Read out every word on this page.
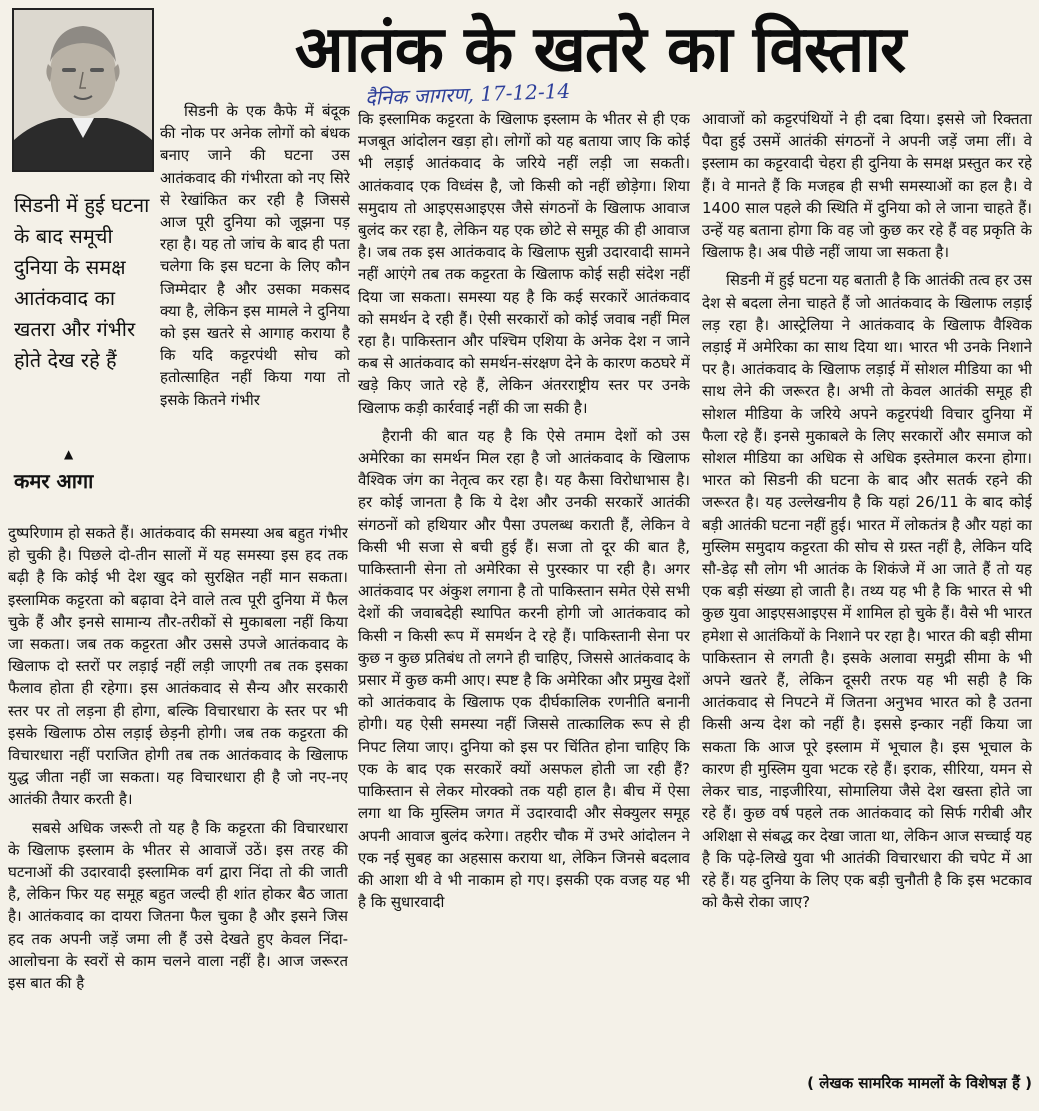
आतंक के खतरे का विस्तार
दैनिक जागरण, 17-12-14
सिडनी में हुई घटना के बाद समूची दुनिया के समक्ष आतंकवाद का खतरा और गंभीर होते देख रहे हैं
▲
कमर आगा

सिडनी के एक कैफे में बंदूक की नोक पर अनेक लोगों को बंधक बनाए जाने की घटना उस आतंकवाद की गंभीरता को नए सिरे से रेखांकित कर रही है जिससे आज पूरी दुनिया को जूझना पड़ रहा है। यह तो जांच के बाद ही पता चलेगा कि इस घटना के लिए कौन जिम्मेदार है और उसका मकसद क्या है, लेकिन इस मामले ने दुनिया को इस खतरे से आगाह कराया है कि यदि कट्टरपंथी सोच को हतोत्साहित नहीं किया गया तो इसके कितने गंभीर

दुष्परिणाम हो सकते हैं। आतंकवाद की समस्या अब बहुत गंभीर हो चुकी है। पिछले दो-तीन सालों में यह समस्या इस हद तक बढ़ी है कि कोई भी देश खुद को सुरक्षित नहीं मान सकता। इस्लामिक कट्टरता को बढ़ावा देने वाले तत्व पूरी दुनिया में फैल चुके हैं और इनसे सामान्य तौर-तरीकों से मुकाबला नहीं किया जा सकता। जब तक कट्टरता और उससे उपजे आतंकवाद के खिलाफ दो स्तरों पर लड़ाई नहीं लड़ी जाएगी तब तक इसका फैलाव होता ही रहेगा। इस आतंकवाद से सैन्य और सरकारी स्तर पर तो लड़ना ही होगा, बल्कि विचारधारा के स्तर पर भी इसके खिलाफ ठोस लड़ाई छेड़नी होगी। जब तक कट्टरता की विचारधारा नहीं पराजित होगी तब तक आतंकवाद के खिलाफ युद्ध जीता नहीं जा सकता। यह विचारधारा ही है जो नए-नए आतंकी तैयार करती है।

सबसे अधिक जरूरी तो यह है कि कट्टरता की विचारधारा के खिलाफ इस्लाम के भीतर से आवाजें उठें। इस तरह की घटनाओं की उदारवादी इस्लामिक वर्ग द्वारा निंदा तो की जाती है, लेकिन फिर यह समूह बहुत जल्दी ही शांत होकर बैठ जाता है। आतंकवाद का दायरा जितना फैल चुका है और इसने जिस हद तक अपनी जड़ें जमा ली हैं उसे देखते हुए केवल निंदा-आलोचना के स्वरों से काम चलने वाला नहीं है। आज जरूरत इस बात की है

कि इस्लामिक कट्टरता के खिलाफ इस्लाम के भीतर से ही एक मजबूत आंदोलन खड़ा हो। लोगों को यह बताया जाए कि कोई भी लड़ाई आतंकवाद के जरिये नहीं लड़ी जा सकती। आतंकवाद एक विध्वंस है, जो किसी को नहीं छोड़ेगा। शिया समुदाय तो आइएसआइएस जैसे संगठनों के खिलाफ आवाज बुलंद कर रहा है, लेकिन यह एक छोटे से समूह की ही आवाज है। जब तक इस आतंकवाद के खिलाफ सुन्नी उदारवादी सामने नहीं आएंगे तब तक कट्टरता के खिलाफ कोई सही संदेश नहीं दिया जा सकता। समस्या यह है कि कई सरकारें आतंकवाद को समर्थन दे रही हैं। ऐसी सरकारों को कोई जवाब नहीं मिल रहा है। पाकिस्तान और पश्चिम एशिया के अनेक देश न जाने कब से आतंकवाद को समर्थन-संरक्षण देने के कारण कठघरे में खड़े किए जाते रहे हैं, लेकिन अंतरराष्ट्रीय स्तर पर उनके खिलाफ कड़ी कार्रवाई नहीं की जा सकी है।

हैरानी की बात यह है कि ऐसे तमाम देशों को उस अमेरिका का समर्थन मिल रहा है जो आतंकवाद के खिलाफ वैश्विक जंग का नेतृत्व कर रहा है। यह कैसा विरोधाभास है। हर कोई जानता है कि ये देश और उनकी सरकारें आतंकी संगठनों को हथियार और पैसा उपलब्ध कराती हैं, लेकिन वे किसी भी सजा से बची हुई हैं। सजा तो दूर की बात है, पाकिस्तानी सेना तो अमेरिका से पुरस्कार पा रही है। अगर आतंकवाद पर अंकुश लगाना है तो पाकिस्तान समेत ऐसे सभी देशों की जवाबदेही स्थापित करनी होगी जो आतंकवाद को किसी न किसी रूप में समर्थन दे रहे हैं। पाकिस्तानी सेना पर कुछ न कुछ प्रतिबंध तो लगने ही चाहिए, जिससे आतंकवाद के प्रसार में कुछ कमी आए। स्पष्ट है कि अमेरिका और प्रमुख देशों को आतंकवाद के खिलाफ एक दीर्घकालिक रणनीति बनानी होगी। यह ऐसी समस्या नहीं जिससे तात्कालिक रूप से ही निपट लिया जाए। दुनिया को इस पर चिंतित होना चाहिए कि एक के बाद एक सरकारें क्यों असफल होती जा रही हैं? पाकिस्तान से लेकर मोरक्को तक यही हाल है। बीच में ऐसा लगा था कि मुस्लिम जगत में उदारवादी और सेक्युलर समूह अपनी आवाज बुलंद करेगा। तहरीर चौक में उभरे आंदोलन ने एक नई सुबह का अहसास कराया था, लेकिन जिनसे बदलाव की आशा थी वे भी नाकाम हो गए। इसकी एक वजह यह भी है कि सुधारवादी

आवाजों को कट्टरपंथियों ने ही दबा दिया। इससे जो रिक्तता पैदा हुई उसमें आतंकी संगठनों ने अपनी जड़ें जमा लीं। वे इस्लाम का कट्टरवादी चेहरा ही दुनिया के समक्ष प्रस्तुत कर रहे हैं। वे मानते हैं कि मजहब ही सभी समस्याओं का हल है। वे 1400 साल पहले की स्थिति में दुनिया को ले जाना चाहते हैं। उन्हें यह बताना होगा कि वह जो कुछ कर रहे हैं वह प्रकृति के खिलाफ है। अब पीछे नहीं जाया जा सकता है।

सिडनी में हुई घटना यह बताती है कि आतंकी तत्व हर उस देश से बदला लेना चाहते हैं जो आतंकवाद के खिलाफ लड़ाई लड़ रहा है। आस्ट्रेलिया ने आतंकवाद के खिलाफ वैश्विक लड़ाई में अमेरिका का साथ दिया था। भारत भी उनके निशाने पर है। आतंकवाद के खिलाफ लड़ाई में सोशल मीडिया का भी साथ लेने की जरूरत है। अभी तो केवल आतंकी समूह ही सोशल मीडिया के जरिये अपने कट्टरपंथी विचार दुनिया में फैला रहे हैं। इनसे मुकाबले के लिए सरकारों और समाज को सोशल मीडिया का अधिक से अधिक इस्तेमाल करना होगा। भारत को सिडनी की घटना के बाद और सतर्क रहने की जरूरत है। यह उल्लेखनीय है कि यहां 26/11 के बाद कोई बड़ी आतंकी घटना नहीं हुई। भारत में लोकतंत्र है और यहां का मुस्लिम समुदाय कट्टरता की सोच से ग्रस्त नहीं है, लेकिन यदि सौ-डेढ़ सौ लोग भी आतंक के शिकंजे में आ जाते हैं तो यह एक बड़ी संख्या हो जाती है। तथ्य यह भी है कि भारत से भी कुछ युवा आइएसआइएस में शामिल हो चुके हैं। वैसे भी भारत हमेशा से आतंकियों के निशाने पर रहा है। भारत की बड़ी सीमा पाकिस्तान से लगती है। इसके अलावा समुद्री सीमा के भी अपने खतरे हैं, लेकिन दूसरी तरफ यह भी सही है कि आतंकवाद से निपटने में जितना अनुभव भारत को है उतना किसी अन्य देश को नहीं है। इससे इन्कार नहीं किया जा सकता कि आज पूरे इस्लाम में भूचाल है। इस भूचाल के कारण ही मुस्लिम युवा भटक रहे हैं। इराक, सीरिया, यमन से लेकर चाड, नाइजीरिया, सोमालिया जैसे देश खस्ता होते जा रहे हैं। कुछ वर्ष पहले तक आतंकवाद को सिर्फ गरीबी और अशिक्षा से संबद्ध कर देखा जाता था, लेकिन आज सच्चाई यह है कि पढ़े-लिखे युवा भी आतंकी विचारधारा की चपेट में आ रहे हैं। यह दुनिया के लिए एक बड़ी चुनौती है कि इस भटकाव को कैसे रोका जाए?

( लेखक सामरिक मामलों के विशेषज्ञ हैं )
